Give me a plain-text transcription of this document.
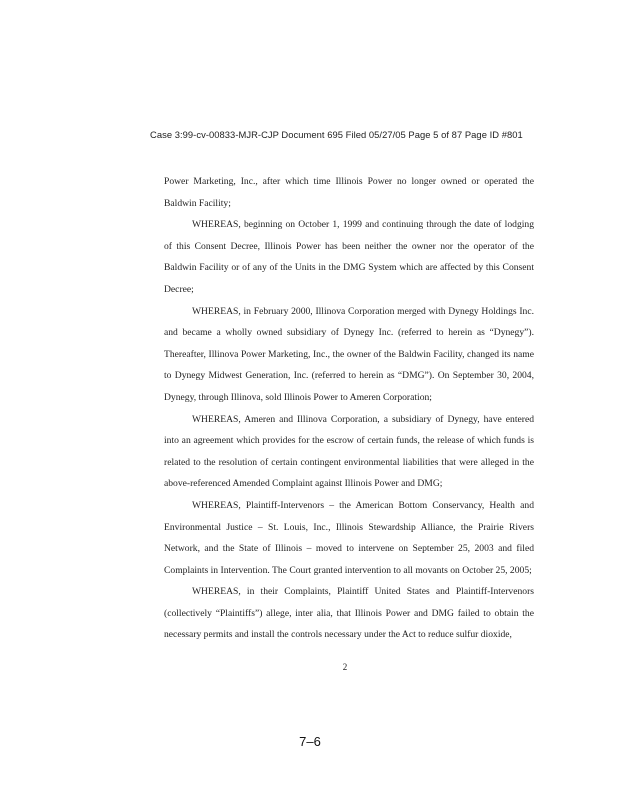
Case 3:99-cv-00833-MJR-CJP Document 695 Filed 05/27/05 Page 5 of 87 Page ID #801

Power Marketing, Inc., after which time Illinois Power no longer owned or operated the Baldwin Facility;

WHEREAS, beginning on October 1, 1999 and continuing through the date of lodging of this Consent Decree, Illinois Power has been neither the owner nor the operator of the Baldwin Facility or of any of the Units in the DMG System which are affected by this Consent Decree;

WHEREAS, in February 2000, Illinova Corporation merged with Dynegy Holdings Inc. and became a wholly owned subsidiary of Dynegy Inc. (referred to herein as “Dynegy”). Thereafter, Illinova Power Marketing, Inc., the owner of the Baldwin Facility, changed its name to Dynegy Midwest Generation, Inc. (referred to herein as “DMG”). On September 30, 2004, Dynegy, through Illinova, sold Illinois Power to Ameren Corporation;

WHEREAS, Ameren and Illinova Corporation, a subsidiary of Dynegy, have entered into an agreement which provides for the escrow of certain funds, the release of which funds is related to the resolution of certain contingent environmental liabilities that were alleged in the above-referenced Amended Complaint against Illinois Power and DMG;

WHEREAS, Plaintiff-Intervenors – the American Bottom Conservancy, Health and Environmental Justice – St. Louis, Inc., Illinois Stewardship Alliance, the Prairie Rivers Network, and the State of Illinois – moved to intervene on September 25, 2003 and filed Complaints in Intervention. The Court granted intervention to all movants on October 25, 2005;

WHEREAS, in their Complaints, Plaintiff United States and Plaintiff-Intervenors (collectively “Plaintiffs”) allege, inter alia, that Illinois Power and DMG failed to obtain the necessary permits and install the controls necessary under the Act to reduce sulfur dioxide,

2
7–6
